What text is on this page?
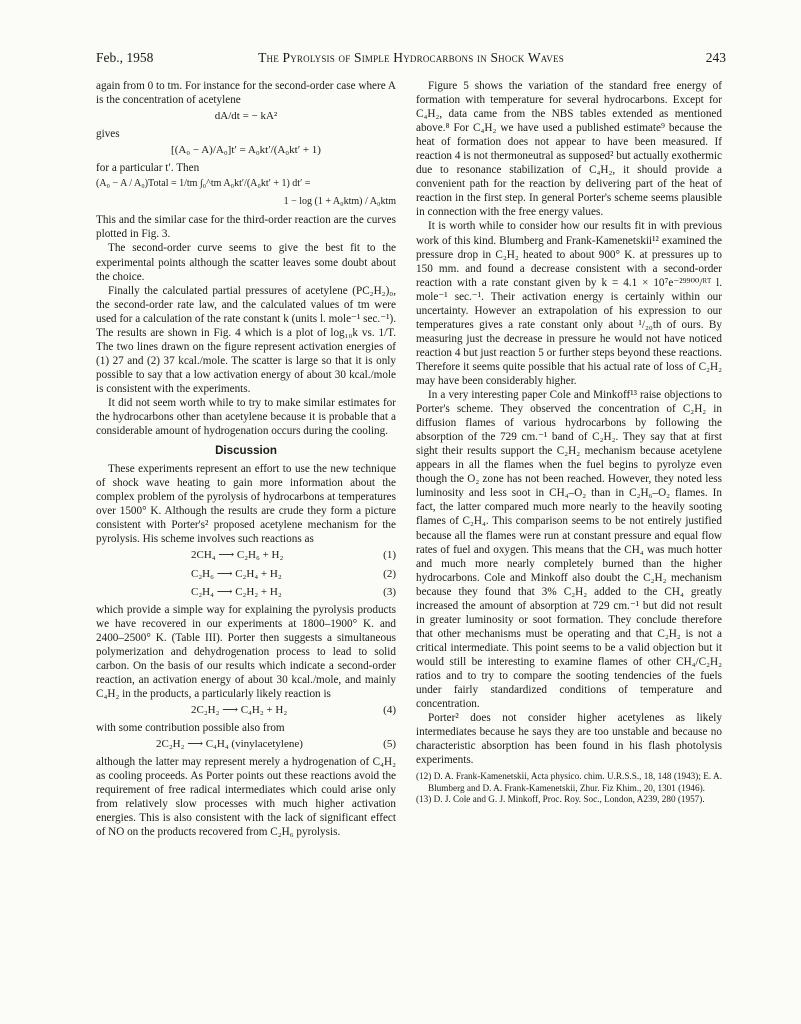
Feb., 1958	The Pyrolysis of Simple Hydrocarbons in Shock Waves	243

again from 0 to tm. For instance for the second-order case where A is the concentration of acetylene

dA/dt = − kA²

gives

[(A₀ − A)/A₀]t′ = A₀kt′/(A₀kt′ + 1)

for a particular t′. Then

(A₀ − A / A₀)Total = 1/tm ∫₀^tm A₀kt′/(A₀kt′ + 1) dt′ =
1 − log (1 + A₀ktm) / A₀ktm

This and the similar case for the third-order reaction are the curves plotted in Fig. 3.

The second-order curve seems to give the best fit to the experimental points although the scatter leaves some doubt about the choice.

Finally the calculated partial pressures of acetylene (PC₂H₂)₀, the second-order rate law, and the calculated values of tm were used for a calculation of the rate constant k (units l. mole⁻¹ sec.⁻¹). The results are shown in Fig. 4 which is a plot of log₁₀k vs. 1/T. The two lines drawn on the figure represent activation energies of (1) 27 and (2) 37 kcal./mole. The scatter is large so that it is only possible to say that a low activation energy of about 30 kcal./mole is consistent with the experiments.

It did not seem worth while to try to make similar estimates for the hydrocarbons other than acetylene because it is probable that a considerable amount of hydrogenation occurs during the cooling.

Discussion

These experiments represent an effort to use the new technique of shock wave heating to gain more information about the complex problem of the pyrolysis of hydrocarbons at temperatures over 1500° K. Although the results are crude they form a picture consistent with Porter's² proposed acetylene mechanism for the pyrolysis. His scheme involves such reactions as

2CH₄ ⟶ C₂H₆ + H₂	(1)
C₂H₆ ⟶ C₂H₄ + H₂	(2)
C₂H₄ ⟶ C₂H₂ + H₂	(3)

which provide a simple way for explaining the pyrolysis products we have recovered in our experiments at 1800–1900° K. and 2400–2500° K. (Table III). Porter then suggests a simultaneous polymerization and dehydrogenation process to lead to solid carbon. On the basis of our results which indicate a second-order reaction, an activation energy of about 30 kcal./mole, and mainly C₄H₂ in the products, a particularly likely reaction is

2C₂H₂ ⟶ C₄H₂ + H₂	(4)

with some contribution possible also from

2C₂H₂ ⟶ C₄H₄ (vinylacetylene)	(5)

although the latter may represent merely a hydrogenation of C₄H₂ as cooling proceeds. As Porter points out these reactions avoid the requirement of free radical intermediates which could arise only from relatively slow processes with much higher activation energies. This is also consistent with the lack of significant effect of NO on the products recovered from C₂H₆ pyrolysis.

Figure 5 shows the variation of the standard free energy of formation with temperature for several hydrocarbons. Except for C₄H₂, data came from the NBS tables extended as mentioned above.⁸ For C₄H₂ we have used a published estimate⁹ because the heat of formation does not appear to have been measured. If reaction 4 is not thermoneutral as supposed² but actually exothermic due to resonance stabilization of C₄H₂, it should provide a convenient path for the reaction by delivering part of the heat of reaction in the first step. In general Porter's scheme seems plausible in connection with the free energy values.

It is worth while to consider how our results fit in with previous work of this kind. Blumberg and Frank-Kamenetskii¹² examined the pressure drop in C₂H₂ heated to about 900° K. at pressures up to 150 mm. and found a decrease consistent with a second-order reaction with a rate constant given by k = 4.1 × 10⁷e⁻²⁹⁹⁰⁰/ᴿᵀ l. mole⁻¹ sec.⁻¹. Their activation energy is certainly within our uncertainty. However an extrapolation of his expression to our temperatures gives a rate constant only about ¹/₂₀th of ours. By measuring just the decrease in pressure he would not have noticed reaction 4 but just reaction 5 or further steps beyond these reactions. Therefore it seems quite possible that his actual rate of loss of C₂H₂ may have been considerably higher.

In a very interesting paper Cole and Minkoff¹³ raise objections to Porter's scheme. They observed the concentration of C₂H₂ in diffusion flames of various hydrocarbons by following the absorption of the 729 cm.⁻¹ band of C₂H₂. They say that at first sight their results support the C₂H₂ mechanism because acetylene appears in all the flames when the fuel begins to pyrolyze even though the O₂ zone has not been reached. However, they noted less luminosity and less soot in CH₄–O₂ than in C₂H₆–O₂ flames. In fact, the latter compared much more nearly to the heavily sooting flames of C₂H₄. This comparison seems to be not entirely justified because all the flames were run at constant pressure and equal flow rates of fuel and oxygen. This means that the CH₄ was much hotter and much more nearly completely burned than the higher hydrocarbons. Cole and Minkoff also doubt the C₂H₂ mechanism because they found that 3% C₂H₂ added to the CH₄ greatly increased the amount of absorption at 729 cm.⁻¹ but did not result in greater luminosity or soot formation. They conclude therefore that other mechanisms must be operating and that C₂H₂ is not a critical intermediate. This point seems to be a valid objection but it would still be interesting to examine flames of other CH₄/C₂H₂ ratios and to try to compare the sooting tendencies of the fuels under fairly standardized conditions of temperature and concentration.

Porter² does not consider higher acetylenes as likely intermediates because he says they are too unstable and because no characteristic absorption has been found in his flash photolysis experiments.

(12) D. A. Frank-Kamenetskii, Acta physico. chim. U.R.S.S., 18, 148 (1943); E. A. Blumberg and D. A. Frank-Kamenetskii, Zhur. Fiz Khim., 20, 1301 (1946).
(13) D. J. Cole and G. J. Minkoff, Proc. Roy. Soc., London, A239, 280 (1957).
